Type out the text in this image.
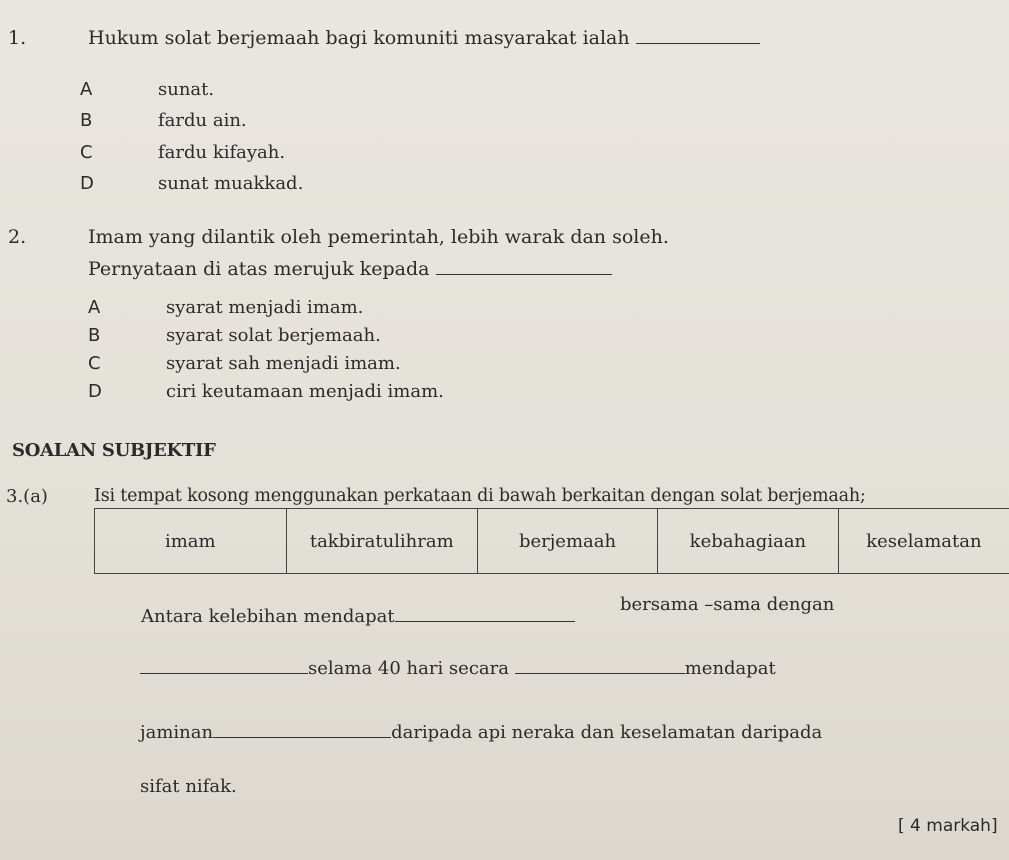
1.	Hukum solat berjemaah bagi komuniti masyarakat ialah
A	sunat.
B	fardu ain.
C	fardu kifayah.
D	sunat muakkad.
2.	Imam yang dilantik oleh pemerintah, lebih warak dan soleh.
Pernyataan di atas merujuk kepada
A	syarat menjadi imam.
B	syarat solat berjemaah.
C	syarat sah menjadi imam.
D	ciri keutamaan menjadi imam.
SOALAN SUBJEKTIF
3.(a)	Isi tempat kosong menggunakan perkataan di bawah berkaitan dengan solat berjemaah;
imam	takbiratulihram	berjemaah	kebahagiaan	keselamatan
Antara kelebihan mendapat
bersama –sama dengan
selama 40 hari secara	mendapat
jaminan	daripada api neraka dan keselamatan daripada
sifat nifak.
[ 4 markah]
